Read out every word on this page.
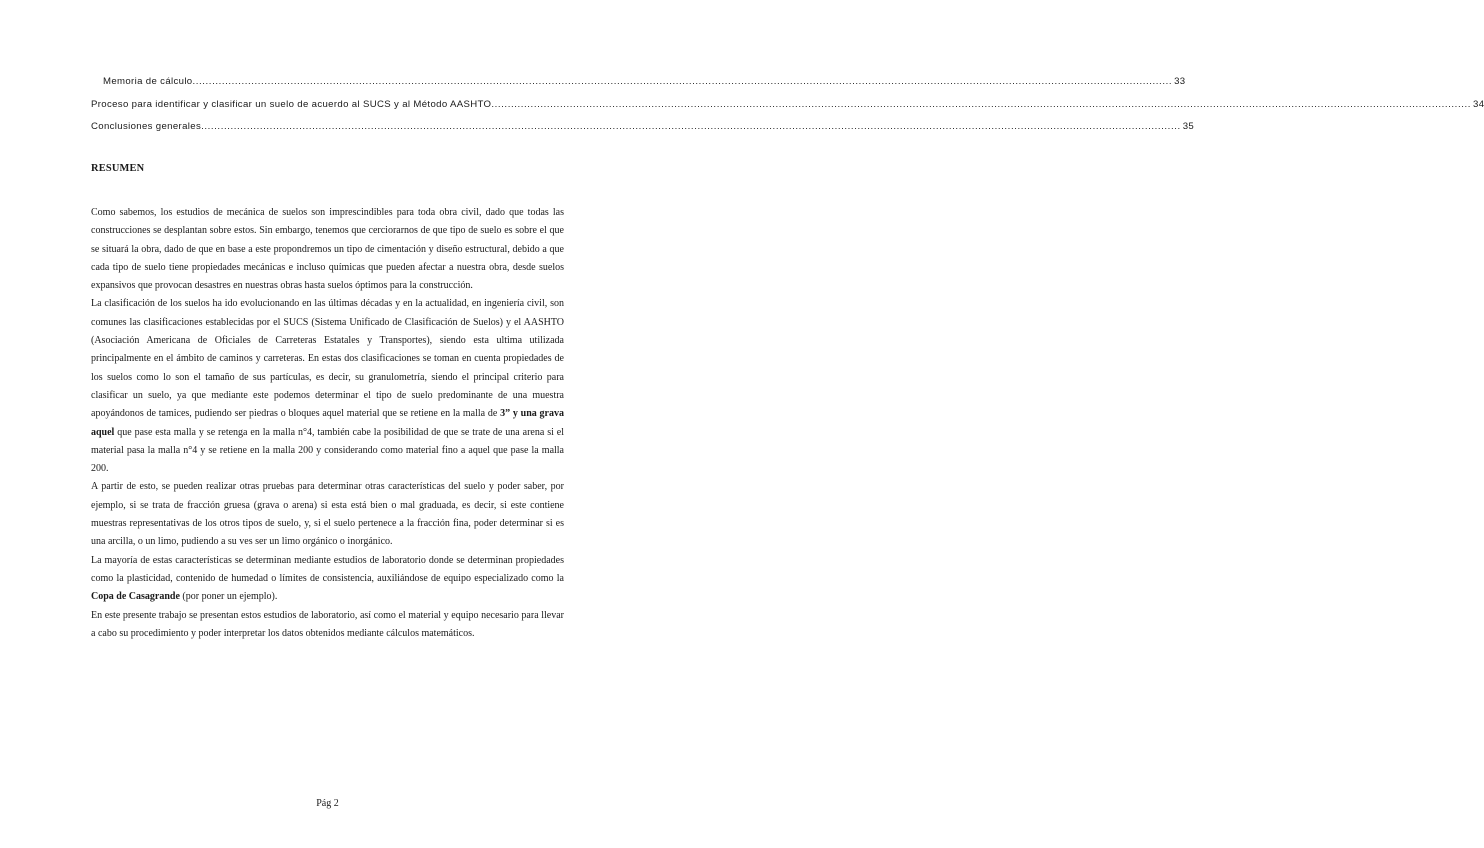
Memoria de cálculo ............................................................................................................................................................................................................................................................................................................ 33
Proceso para identificar y clasificar un suelo de acuerdo al SUCS y al Método AASHTO ............................................................................................................................................................................................................................................................................................................ 34
Conclusiones generales ............................................................................................................................................................................................................................................................................................................ 35
RESUMEN

Como sabemos, los estudios de mecánica de suelos son imprescindibles para toda obra civil, dado que todas las construcciones se desplantan sobre estos. Sin embargo, tenemos que cerciorarnos de que tipo de suelo es sobre el que se situará la obra, dado de que en base a este propondremos un tipo de cimentación y diseño estructural, debido a que cada tipo de suelo tiene propiedades mecánicas e incluso químicas que pueden afectar a nuestra obra, desde suelos expansivos que provocan desastres en nuestras obras hasta suelos óptimos para la construcción.

La clasificación de los suelos ha ido evolucionando en las últimas décadas y en la actualidad, en ingeniería civil, son comunes las clasificaciones establecidas por el SUCS (Sistema Unificado de Clasificación de Suelos) y el AASHTO (Asociación Americana de Oficiales de Carreteras Estatales y Transportes), siendo esta ultima utilizada principalmente en el ámbito de caminos y carreteras. En estas dos clasificaciones se toman en cuenta propiedades de los suelos como lo son el tamaño de sus partículas, es decir, su granulometría, siendo el principal criterio para clasificar un suelo, ya que mediante este podemos determinar el tipo de suelo predominante de una muestra apoyándonos de tamices, pudiendo ser piedras o bloques aquel material que se retiene en la malla de 3” y una grava aquel que pase esta malla y se retenga en la malla n°4, también cabe la posibilidad de que se trate de una arena si el material pasa la malla n°4 y se retiene en la malla 200 y considerando como material fino a aquel que pase la malla 200.

A partir de esto, se pueden realizar otras pruebas para determinar otras características del suelo y poder saber, por ejemplo, si se trata de fracción gruesa (grava o arena) si esta está bien o mal graduada, es decir, si este contiene muestras representativas de los otros tipos de suelo, y, si el suelo pertenece a la fracción fina, poder determinar si es una arcilla, o un limo, pudiendo a su ves ser un limo orgánico o inorgánico.

La mayoría de estas características se determinan mediante estudios de laboratorio donde se determinan propiedades como la plasticidad, contenido de humedad o límites de consistencia, auxiliándose de equipo especializado como la Copa de Casagrande (por poner un ejemplo).

En este presente trabajo se presentan estos estudios de laboratorio, así como el material y equipo necesario para llevar a cabo su procedimiento y poder interpretar los datos obtenidos mediante cálculos matemáticos.

Pág 2
